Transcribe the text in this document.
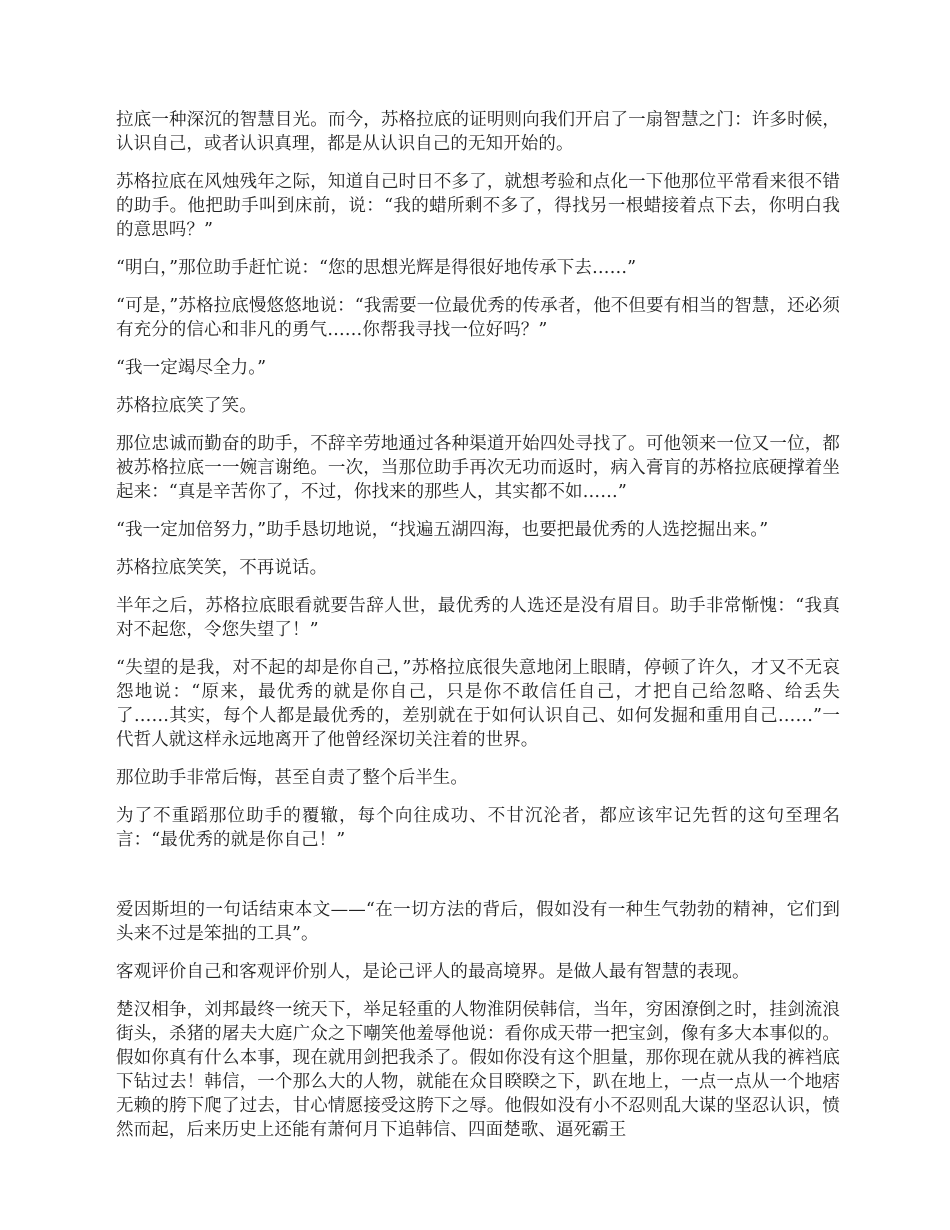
拉底一种深沉的智慧目光。而今，苏格拉底的证明则向我们开启了一扇智慧之门：许多时候，认识自己，或者认识真理，都是从认识自己的无知开始的。

苏格拉底在风烛残年之际，知道自己时日不多了，就想考验和点化一下他那位平常看来很不错的助手。他把助手叫到床前，说：“我的蜡所剩不多了，得找另一根蜡接着点下去，你明白我的意思吗？”

“明白，”那位助手赶忙说：“您的思想光辉是得很好地传承下去……”

“可是，”苏格拉底慢悠悠地说：“我需要一位最优秀的传承者，他不但要有相当的智慧，还必须有充分的信心和非凡的勇气……你帮我寻找一位好吗？”

“我一定竭尽全力。”

苏格拉底笑了笑。

那位忠诚而勤奋的助手，不辞辛劳地通过各种渠道开始四处寻找了。可他领来一位又一位，都被苏格拉底一一婉言谢绝。一次，当那位助手再次无功而返时，病入膏肓的苏格拉底硬撑着坐起来：“真是辛苦你了，不过，你找来的那些人，其实都不如……”

“我一定加倍努力，”助手恳切地说，“找遍五湖四海，也要把最优秀的人选挖掘出来。”

苏格拉底笑笑，不再说话。

半年之后，苏格拉底眼看就要告辞人世，最优秀的人选还是没有眉目。助手非常惭愧：“我真对不起您，令您失望了！”

“失望的是我，对不起的却是你自己，”苏格拉底很失意地闭上眼睛，停顿了许久，才又不无哀怨地说：“原来，最优秀的就是你自己，只是你不敢信任自己，才把自己给忽略、给丢失了……其实，每个人都是最优秀的，差别就在于如何认识自己、如何发掘和重用自己……”一代哲人就这样永远地离开了他曾经深切关注着的世界。

那位助手非常后悔，甚至自责了整个后半生。

为了不重蹈那位助手的覆辙，每个向往成功、不甘沉沦者，都应该牢记先哲的这句至理名言：“最优秀的就是你自己！”

爱因斯坦的一句话结束本文——“在一切方法的背后，假如没有一种生气勃勃的精神，它们到头来不过是笨拙的工具”。

客观评价自己和客观评价别人，是论己评人的最高境界。是做人最有智慧的表现。

楚汉相争，刘邦最终一统天下，举足轻重的人物淮阴侯韩信，当年，穷困潦倒之时，挂剑流浪街头，杀猪的屠夫大庭广众之下嘲笑他羞辱他说：看你成天带一把宝剑，像有多大本事似的。假如你真有什么本事，现在就用剑把我杀了。假如你没有这个胆量，那你现在就从我的裤裆底下钻过去！韩信，一个那么大的人物，就能在众目睽睽之下，趴在地上，一点一点从一个地痞无赖的胯下爬了过去，甘心情愿接受这胯下之辱。他假如没有小不忍则乱大谋的坚忍认识，愤然而起，后来历史上还能有萧何月下追韩信、四面楚歌、逼死霸王
